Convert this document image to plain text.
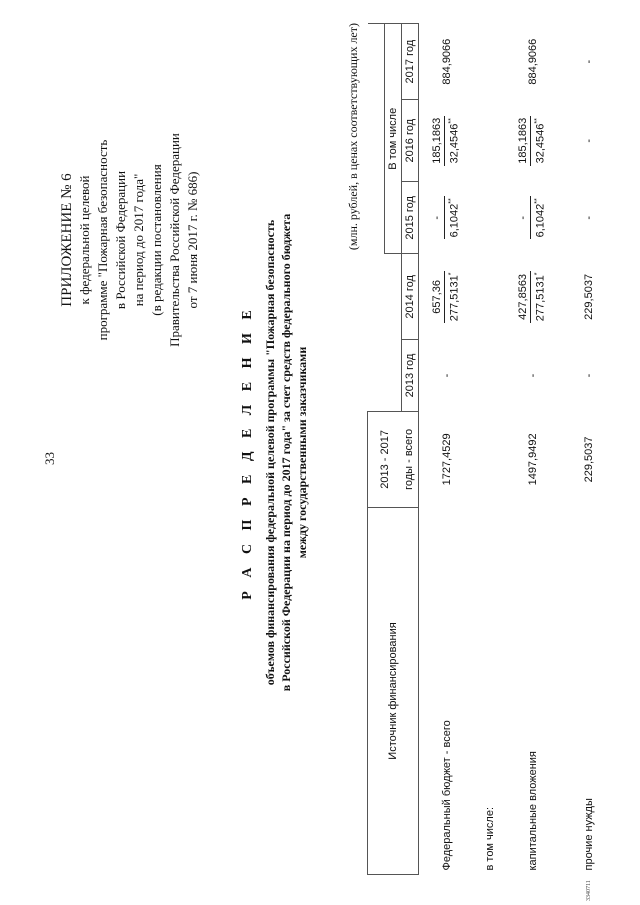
33
3340711
ПРИЛОЖЕНИЕ № 6 к федеральной целевой программе "Пожарная безопасность в Российской Федерации на период до 2017 года" (в редакции постановления Правительства Российской Федерации от 7 июня 2017 г. № 686)
Р А С П Р Е Д Е Л Е Н И Е объемов финансирования федеральной целевой программы "Пожарная безопасность в Российской Федерации на период до 2017 года" за счет средств федерального бюджета между государственными заказчиками
(млн. рублей, в ценах соответствующих лет)
Источник финансирования	2013 - 2017					
				В том числе		
	годы - всего	2013 год	2014 год	2015 год	2016 год	2017 год
Федеральный бюджет - всего	1727,4529	-	657,36 277,5131*	- 6,1042**	185,1863 32,4546**	884,9066
в том числе:						
капитальные вложения	1497,9492	-	427,8563 277,5131*	- 6,1042**	185,1863 32,4546**	884,9066
прочие нужды	229,5037	-	229,5037	-	-	-
